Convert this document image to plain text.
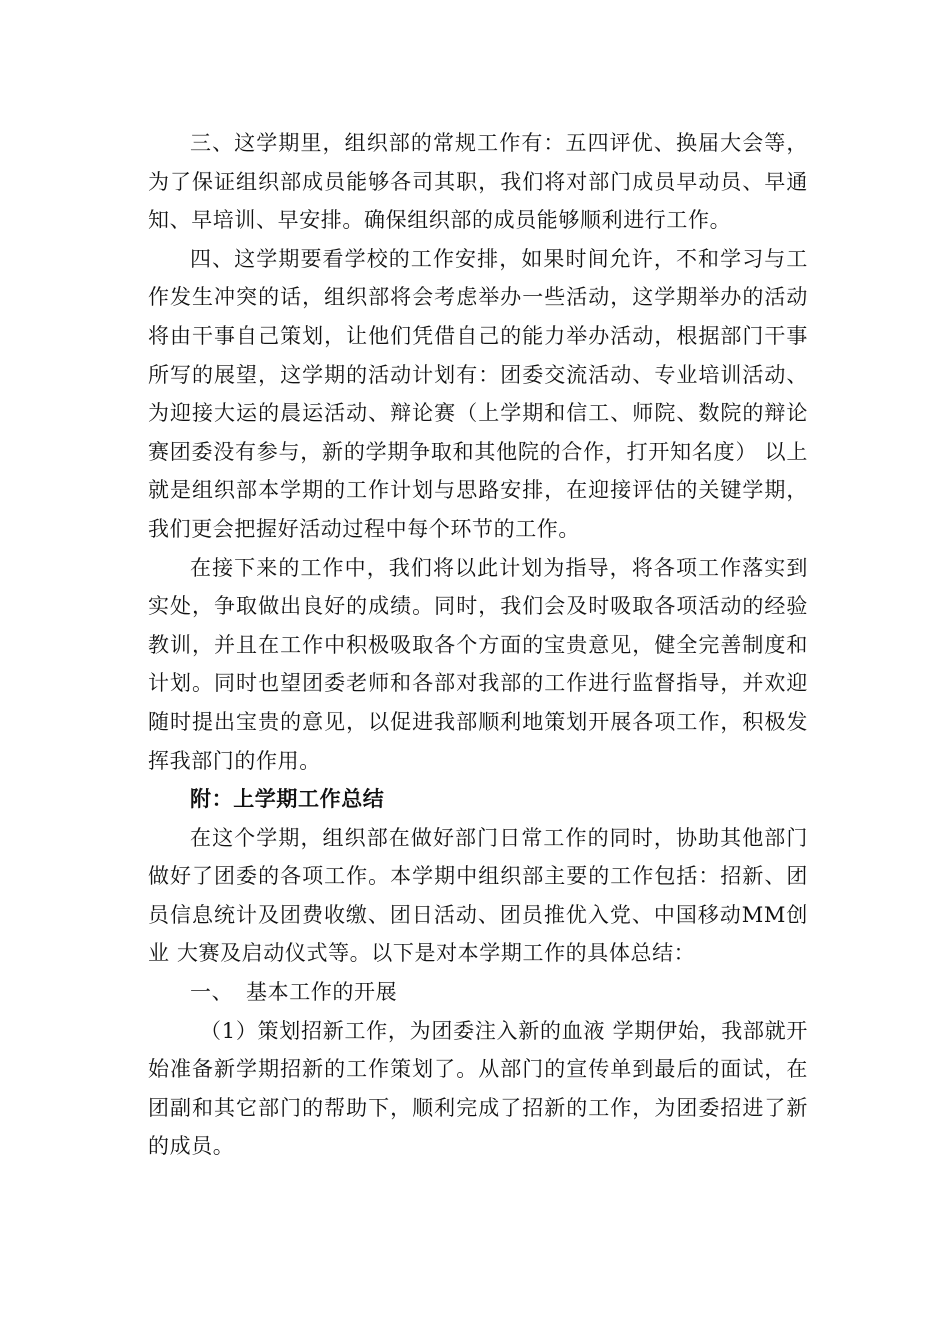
三、这学期里，组织部的常规工作有：五四评优、换届大会等，为了保证组织部成员能够各司其职，我们将对部门成员早动员、早通知、早培训、早安排。确保组织部的成员能够顺利进行工作。

四、这学期要看学校的工作安排，如果时间允许，不和学习与工作发生冲突的话，组织部将会考虑举办一些活动，这学期举办的活动将由干事自己策划，让他们凭借自己的能力举办活动，根据部门干事所写的展望，这学期的活动计划有：团委交流活动、专业培训活动、为迎接大运的晨运活动、辩论赛（上学期和信工、师院、数院的辩论赛团委没有参与，新的学期争取和其他院的合作，打开知名度） 以上就是组织部本学期的工作计划与思路安排，在迎接评估的关键学期，我们更会把握好活动过程中每个环节的工作。

在接下来的工作中，我们将以此计划为指导，将各项工作落实到实处，争取做出良好的成绩。同时，我们会及时吸取各项活动的经验教训，并且在工作中积极吸取各个方面的宝贵意见，健全完善制度和计划。同时也望团委老师和各部对我部的工作进行监督指导，并欢迎随时提出宝贵的意见，以促进我部顺利地策划开展各项工作，积极发挥我部门的作用。

附：上学期工作总结

在这个学期，组织部在做好部门日常工作的同时，协助其他部门做好了团委的各项工作。本学期中组织部主要的工作包括：招新、团员信息统计及团费收缴、团日活动、团员推优入党、中国移动MM创业 大赛及启动仪式等。以下是对本学期工作的具体总结：

一、 基本工作的开展

（1）策划招新工作，为团委注入新的血液 学期伊始，我部就开始准备新学期招新的工作策划了。从部门的宣传单到最后的面试，在团副和其它部门的帮助下，顺利完成了招新的工作，为团委招进了新的成员。
